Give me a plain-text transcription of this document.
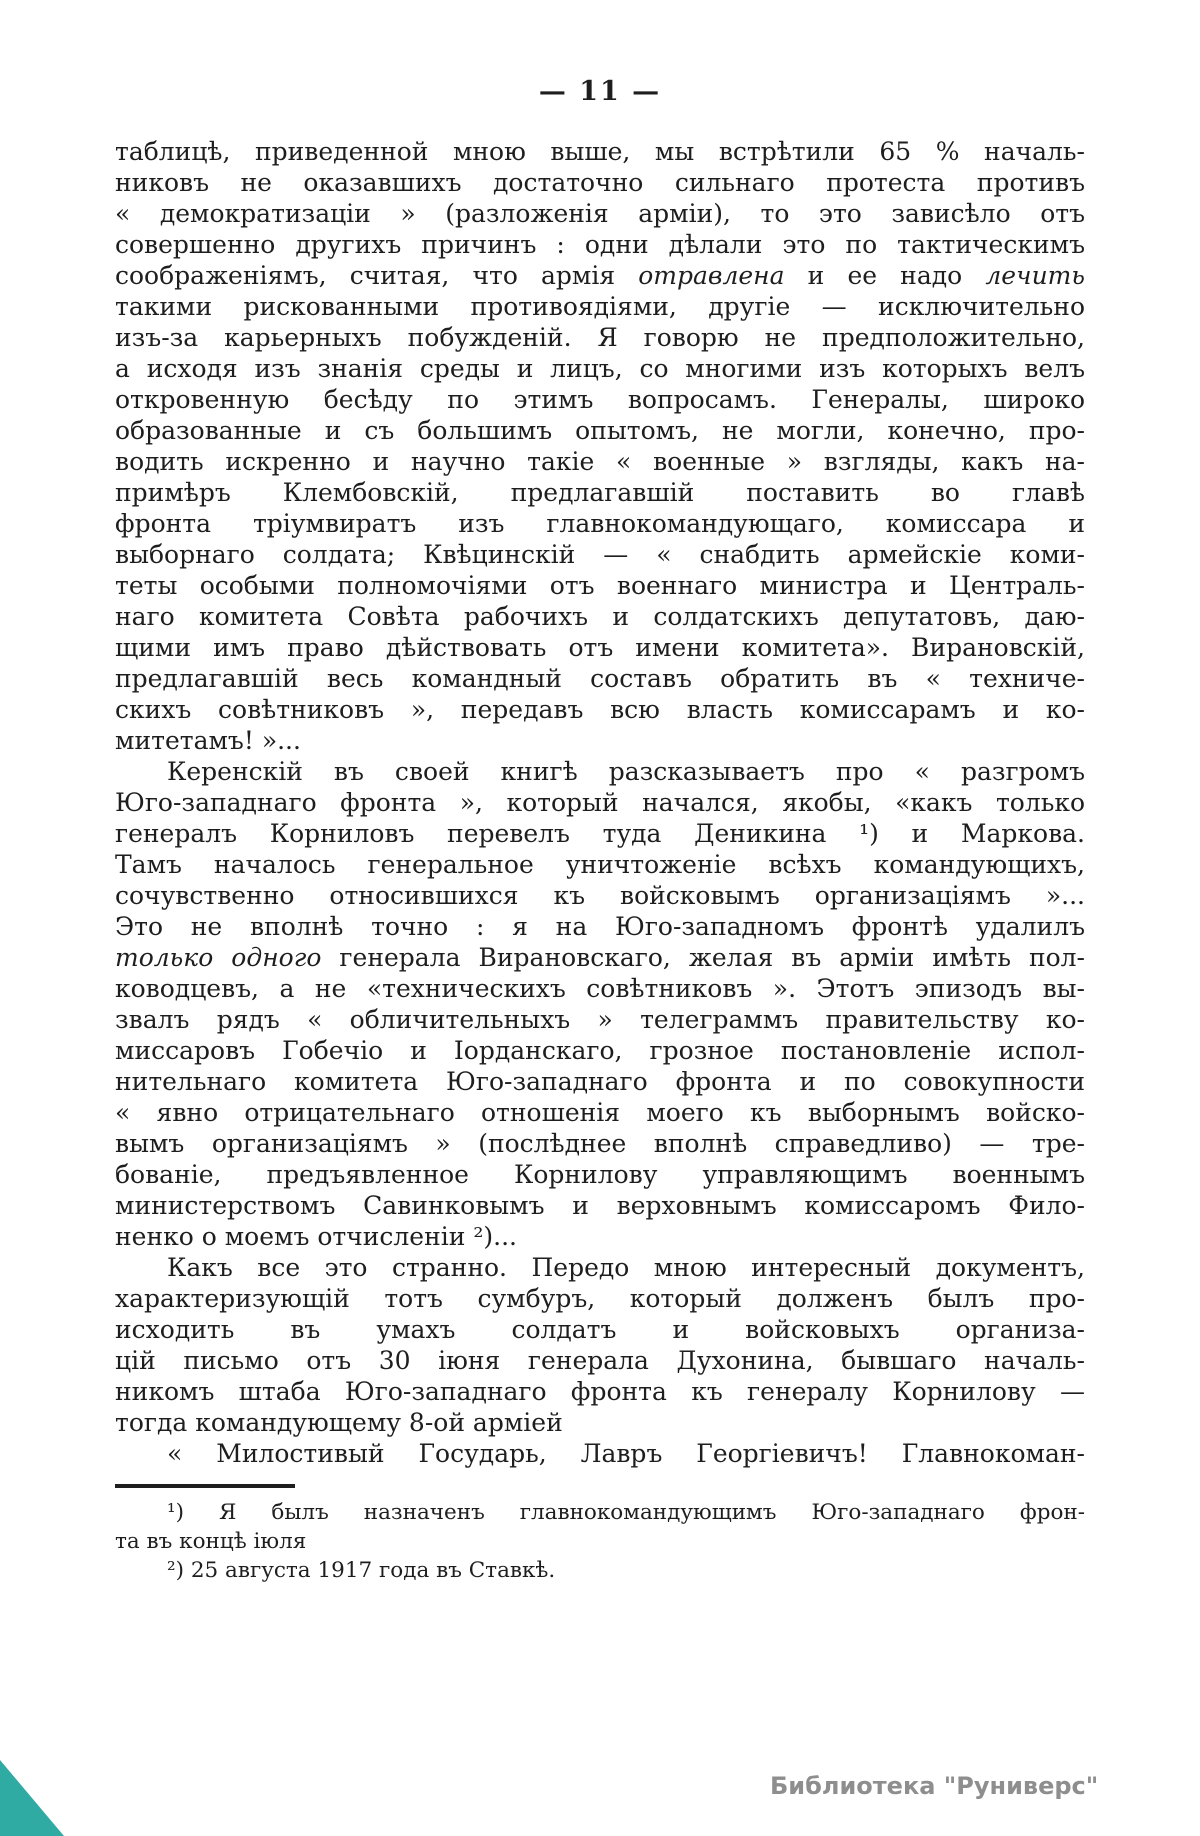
— 11 —
таблицѣ, приведенной мною выше, мы встрѣтили 65 % началь-
никовъ не оказавшихъ достаточно сильнаго протеста противъ
« демократизаціи » (разложенія арміи), то это зависѣло отъ
совершенно другихъ причинъ : одни дѣлали это по тактическимъ
соображеніямъ, считая, что армія отравлена и ее надо лечить
такими рискованными противоядіями, другіе — исключительно
изъ-за карьерныхъ побужденій. Я говорю не предположительно,
а исходя изъ знанія среды и лицъ, со многими изъ которыхъ велъ
откровенную бесѣду по этимъ вопросамъ. Генералы, широко
образованные и съ большимъ опытомъ, не могли, конечно, про-
водить искренно и научно такіе « военные » взгляды, какъ на-
примѣръ Клембовскій, предлагавшій поставить во главѣ
фронта тріумвиратъ изъ главнокомандующаго, комиссара и
выборнаго солдата; Квѣцинскій — « снабдить армейскіе коми-
теты особыми полномочіями отъ военнаго министра и Централь-
наго комитета Совѣта рабочихъ и солдатскихъ депутатовъ, даю-
щими имъ право дѣйствовать отъ имени комитета». Вирановскій,
предлагавшій весь командный составъ обратить въ « техниче-
скихъ совѣтниковъ », передавъ всю власть комиссарамъ и ко-
митетамъ! »...
Керенскій въ своей книгѣ разсказываетъ про « разгромъ
Юго-западнаго фронта », который начался, якобы, «какъ только
генералъ Корниловъ перевелъ туда Деникина ¹) и Маркова.
Тамъ началось генеральное уничтоженіе всѣхъ командующихъ,
сочувственно относившихся къ войсковымъ организаціямъ »...
Это не вполнѣ точно : я на Юго-западномъ фронтѣ удалилъ
только одного генерала Вирановскаго, желая въ арміи имѣть пол-
ководцевъ, а не «техническихъ совѣтниковъ ». Этотъ эпизодъ вы-
звалъ рядъ « обличительныхъ » телеграммъ правительству ко-
миссаровъ Гобечіо и Іорданскаго, грозное постановленіе испол-
нительнаго комитета Юго-западнаго фронта и по совокупности
« явно отрицательнаго отношенія моего къ выборнымъ войско-
вымъ организаціямъ » (послѣднее вполнѣ справедливо) — тре-
бованіе, предъявленное Корнилову управляющимъ военнымъ
министерствомъ Савинковымъ и верховнымъ комиссаромъ Фило-
ненко о моемъ отчисленіи ²)...
Какъ все это странно. Передо мною интересный документъ,
характеризующій тотъ сумбуръ, который долженъ былъ про-
исходить въ умахъ солдатъ и войсковыхъ организа-
цій письмо отъ 30 іюня генерала Духонина, бывшаго началь-
никомъ штаба Юго-западнаго фронта къ генералу Корнилову —
тогда командующему 8-ой арміей
« Милостивый Государь, Лавръ Георгіевичъ! Главнокоман-
¹) Я былъ назначенъ главнокомандующимъ Юго-западнаго фрон-
та въ концѣ іюля
²) 25 августа 1917 года въ Ставкѣ.
Библиотека "Руниверс"
